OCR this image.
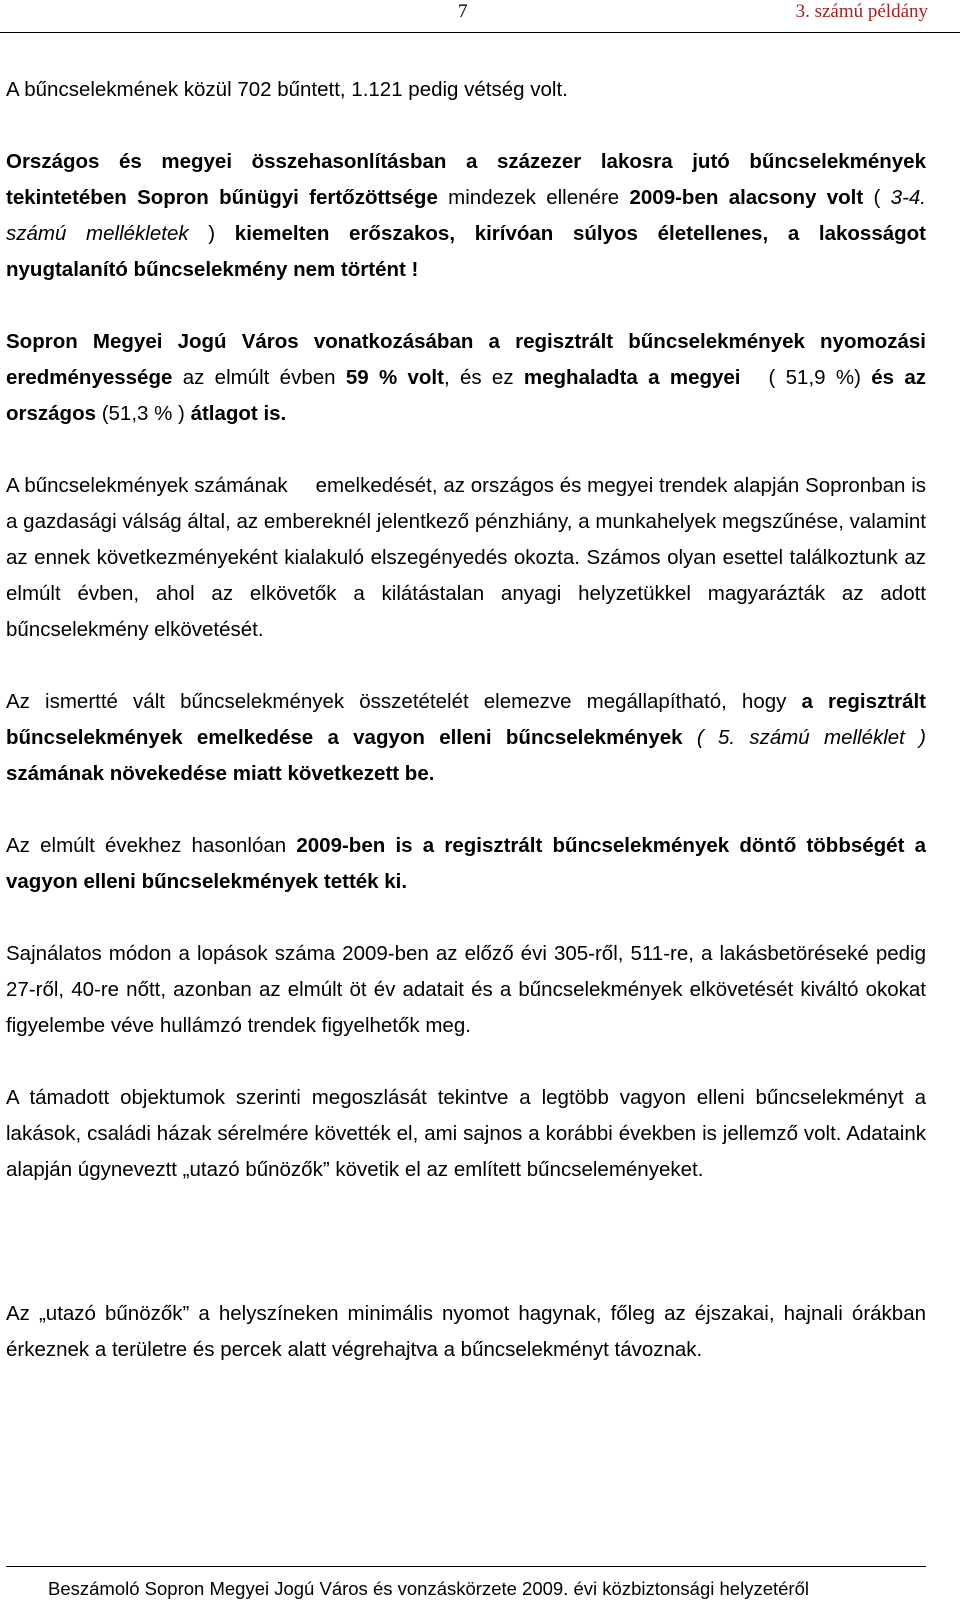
7	3. számú példány

A bűncselekmének közül 702 bűntett, 1.121 pedig vétség volt.

Országos és megyei összehasonlításban a százezer lakosra jutó bűncselekmények tekintetében Sopron bűnügyi fertőzöttsége mindezek ellenére 2009-ben alacsony volt ( 3-4. számú mellékletek ) kiemelten erőszakos, kirívóan súlyos életellenes, a lakosságot nyugtalanító bűncselekmény nem történt !

Sopron Megyei Jogú Város vonatkozásában a regisztrált bűncselekmények nyomozási eredményessége az elmúlt évben 59 % volt, és ez meghaladta a megyei ( 51,9 %) és az országos (51,3 % ) átlagot is.

A bűncselekmények számának emelkedését, az országos és megyei trendek alapján Sopronban is a gazdasági válság által, az embereknél jelentkező pénzhiány, a munkahelyek megszűnése, valamint az ennek következményeként kialakuló elszegényedés okozta. Számos olyan esettel találkoztunk az elmúlt évben, ahol az elkövetők a kilátástalan anyagi helyzetükkel magyarázták az adott bűncselekmény elkövetését.

Az ismertté vált bűncselekmények összetételét elemezve megállapítható, hogy a regisztrált bűncselekmények emelkedése a vagyon elleni bűncselekmények ( 5. számú melléklet ) számának növekedése miatt következett be.

Az elmúlt évekhez hasonlóan 2009-ben is a regisztrált bűncselekmények döntő többségét a vagyon elleni bűncselekmények tették ki.

Sajnálatos módon a lopások száma 2009-ben az előző évi 305-ről, 511-re, a lakásbetöréseké pedig 27-ről, 40-re nőtt, azonban az elmúlt öt év adatait és a bűncselekmények elkövetését kiváltó okokat figyelembe véve hullámzó trendek figyelhetők meg.

A támadott objektumok szerinti megoszlását tekintve a legtöbb vagyon elleni bűncselekményt a lakások, családi házak sérelmére követték el, ami sajnos a korábbi években is jellemző volt. Adataink alapján úgyneveztt „utazó bűnözők” követik el az említett bűncseleményeket.

Az „utazó bűnözők” a helyszíneken minimális nyomot hagynak, főleg az éjszakai, hajnali órákban érkeznek a területre és percek alatt végrehajtva a bűncselekményt távoznak.

Beszámoló Sopron Megyei Jogú Város és vonzáskörzete 2009. évi közbiztonsági helyzetéről
